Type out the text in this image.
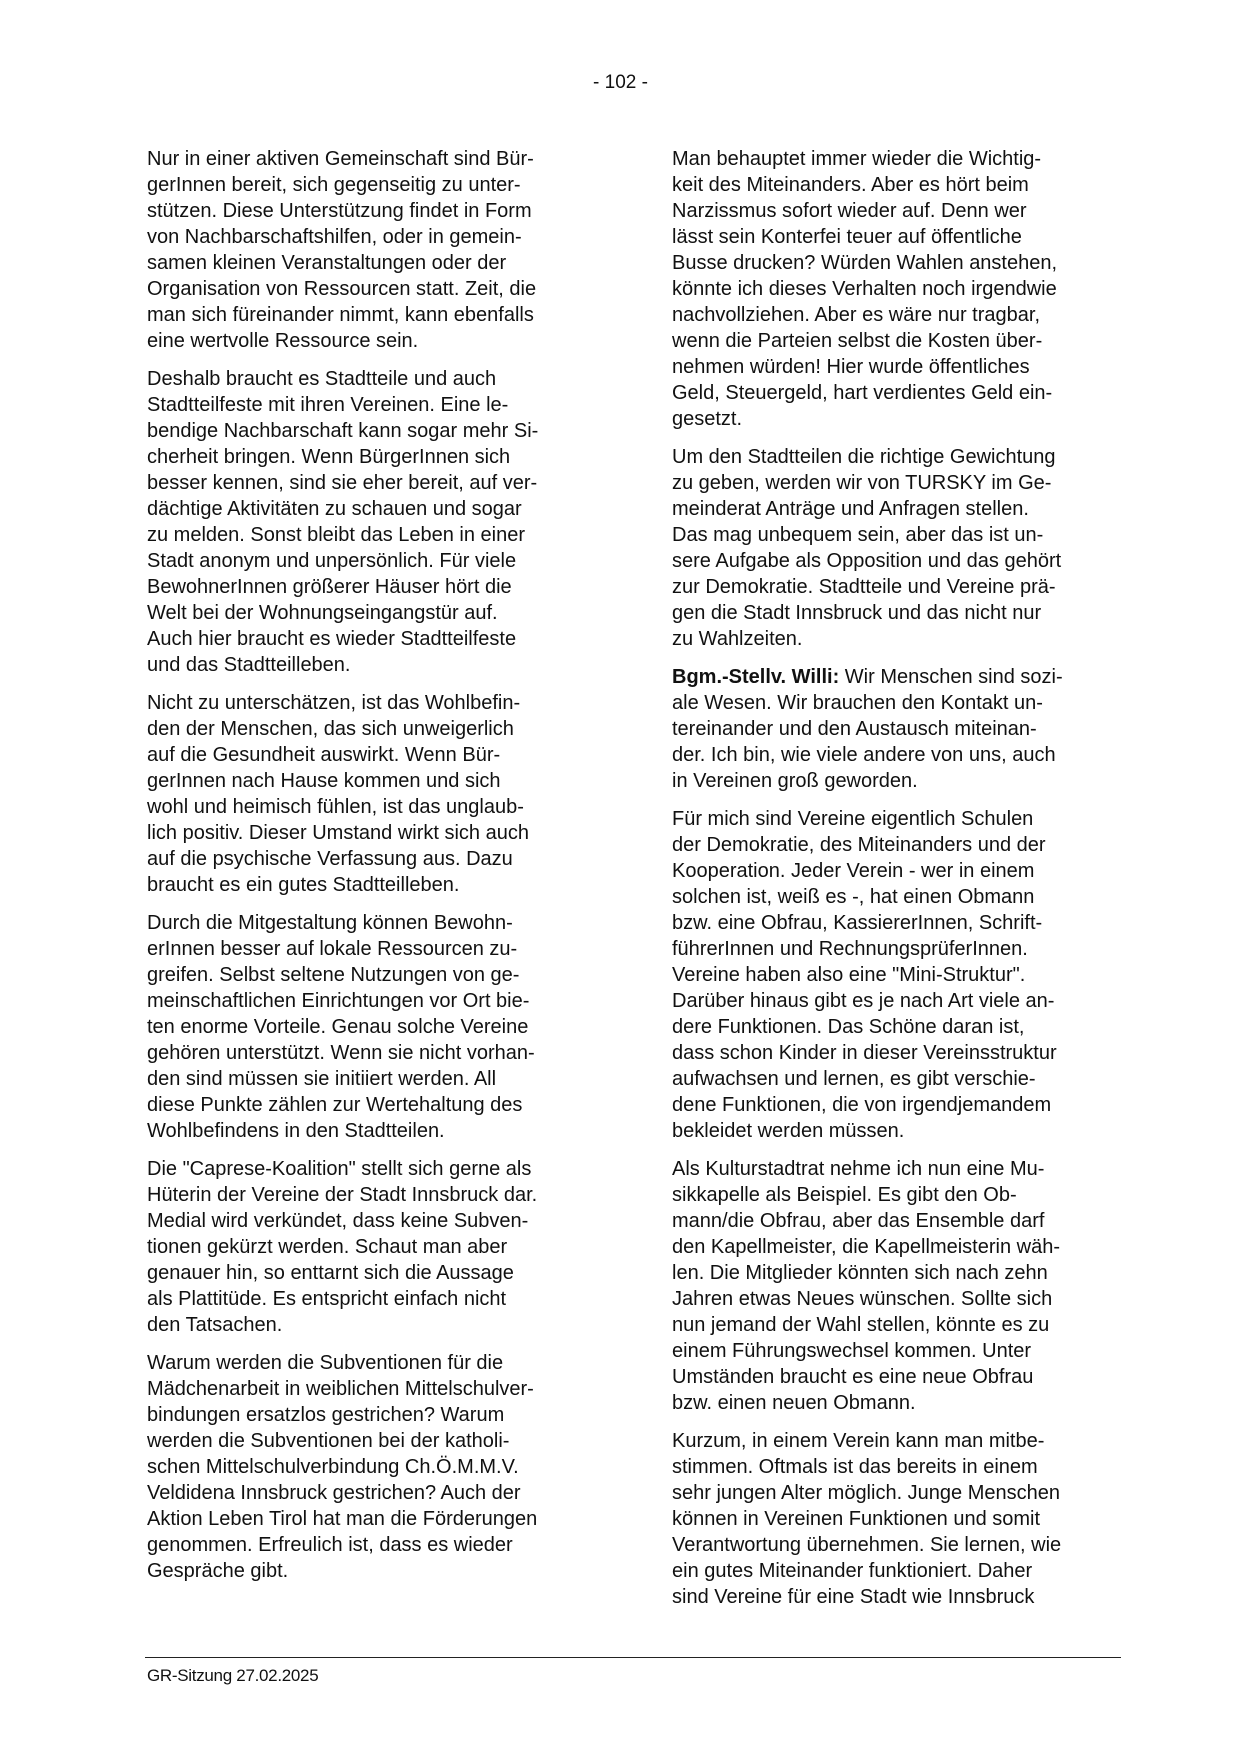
- 102 -

Nur in einer aktiven Gemeinschaft sind Bür-
gerInnen bereit, sich gegenseitig zu unter-
stützen. Diese Unterstützung findet in Form
von Nachbarschaftshilfen, oder in gemein-
samen kleinen Veranstaltungen oder der
Organisation von Ressourcen statt. Zeit, die
man sich füreinander nimmt, kann ebenfalls
eine wertvolle Ressource sein.

Deshalb braucht es Stadtteile und auch
Stadtteilfeste mit ihren Vereinen. Eine le-
bendige Nachbarschaft kann sogar mehr Si-
cherheit bringen. Wenn BürgerInnen sich
besser kennen, sind sie eher bereit, auf ver-
dächtige Aktivitäten zu schauen und sogar
zu melden. Sonst bleibt das Leben in einer
Stadt anonym und unpersönlich. Für viele
BewohnerInnen größerer Häuser hört die
Welt bei der Wohnungseingangstür auf.
Auch hier braucht es wieder Stadtteilfeste
und das Stadtteilleben.

Nicht zu unterschätzen, ist das Wohlbefin-
den der Menschen, das sich unweigerlich
auf die Gesundheit auswirkt. Wenn Bür-
gerInnen nach Hause kommen und sich
wohl und heimisch fühlen, ist das unglaub-
lich positiv. Dieser Umstand wirkt sich auch
auf die psychische Verfassung aus. Dazu
braucht es ein gutes Stadtteilleben.

Durch die Mitgestaltung können Bewohn-
erInnen besser auf lokale Ressourcen zu-
greifen. Selbst seltene Nutzungen von ge-
meinschaftlichen Einrichtungen vor Ort bie-
ten enorme Vorteile. Genau solche Vereine
gehören unterstützt. Wenn sie nicht vorhan-
den sind müssen sie initiiert werden. All
diese Punkte zählen zur Wertehaltung des
Wohlbefindens in den Stadtteilen.

Die "Caprese-Koalition" stellt sich gerne als
Hüterin der Vereine der Stadt Innsbruck dar.
Medial wird verkündet, dass keine Subven-
tionen gekürzt werden. Schaut man aber
genauer hin, so enttarnt sich die Aussage
als Plattitüde. Es entspricht einfach nicht
den Tatsachen.

Warum werden die Subventionen für die
Mädchenarbeit in weiblichen Mittelschulver-
bindungen ersatzlos gestrichen? Warum
werden die Subventionen bei der katholi-
schen Mittelschulverbindung Ch.Ö.M.M.V.
Veldidena Innsbruck gestrichen? Auch der
Aktion Leben Tirol hat man die Förderungen
genommen. Erfreulich ist, dass es wieder
Gespräche gibt.

Man behauptet immer wieder die Wichtig-
keit des Miteinanders. Aber es hört beim
Narzissmus sofort wieder auf. Denn wer
lässt sein Konterfei teuer auf öffentliche
Busse drucken? Würden Wahlen anstehen,
könnte ich dieses Verhalten noch irgendwie
nachvollziehen. Aber es wäre nur tragbar,
wenn die Parteien selbst die Kosten über-
nehmen würden! Hier wurde öffentliches
Geld, Steuergeld, hart verdientes Geld ein-
gesetzt.

Um den Stadtteilen die richtige Gewichtung
zu geben, werden wir von TURSKY im Ge-
meinderat Anträge und Anfragen stellen.
Das mag unbequem sein, aber das ist un-
sere Aufgabe als Opposition und das gehört
zur Demokratie. Stadtteile und Vereine prä-
gen die Stadt Innsbruck und das nicht nur
zu Wahlzeiten.

Bgm.-Stellv. Willi: Wir Menschen sind sozi-
ale Wesen. Wir brauchen den Kontakt un-
tereinander und den Austausch miteinan-
der. Ich bin, wie viele andere von uns, auch
in Vereinen groß geworden.

Für mich sind Vereine eigentlich Schulen
der Demokratie, des Miteinanders und der
Kooperation. Jeder Verein - wer in einem
solchen ist, weiß es -, hat einen Obmann
bzw. eine Obfrau, KassiererInnen, Schrift-
führerInnen und RechnungsprüferInnen.
Vereine haben also eine "Mini-Struktur".
Darüber hinaus gibt es je nach Art viele an-
dere Funktionen. Das Schöne daran ist,
dass schon Kinder in dieser Vereinsstruktur
aufwachsen und lernen, es gibt verschie-
dene Funktionen, die von irgendjemandem
bekleidet werden müssen.

Als Kulturstadtrat nehme ich nun eine Mu-
sikkapelle als Beispiel. Es gibt den Ob-
mann/die Obfrau, aber das Ensemble darf
den Kapellmeister, die Kapellmeisterin wäh-
len. Die Mitglieder könnten sich nach zehn
Jahren etwas Neues wünschen. Sollte sich
nun jemand der Wahl stellen, könnte es zu
einem Führungswechsel kommen. Unter
Umständen braucht es eine neue Obfrau
bzw. einen neuen Obmann.

Kurzum, in einem Verein kann man mitbe-
stimmen. Oftmals ist das bereits in einem
sehr jungen Alter möglich. Junge Menschen
können in Vereinen Funktionen und somit
Verantwortung übernehmen. Sie lernen, wie
ein gutes Miteinander funktioniert. Daher
sind Vereine für eine Stadt wie Innsbruck

GR-Sitzung 27.02.2025
